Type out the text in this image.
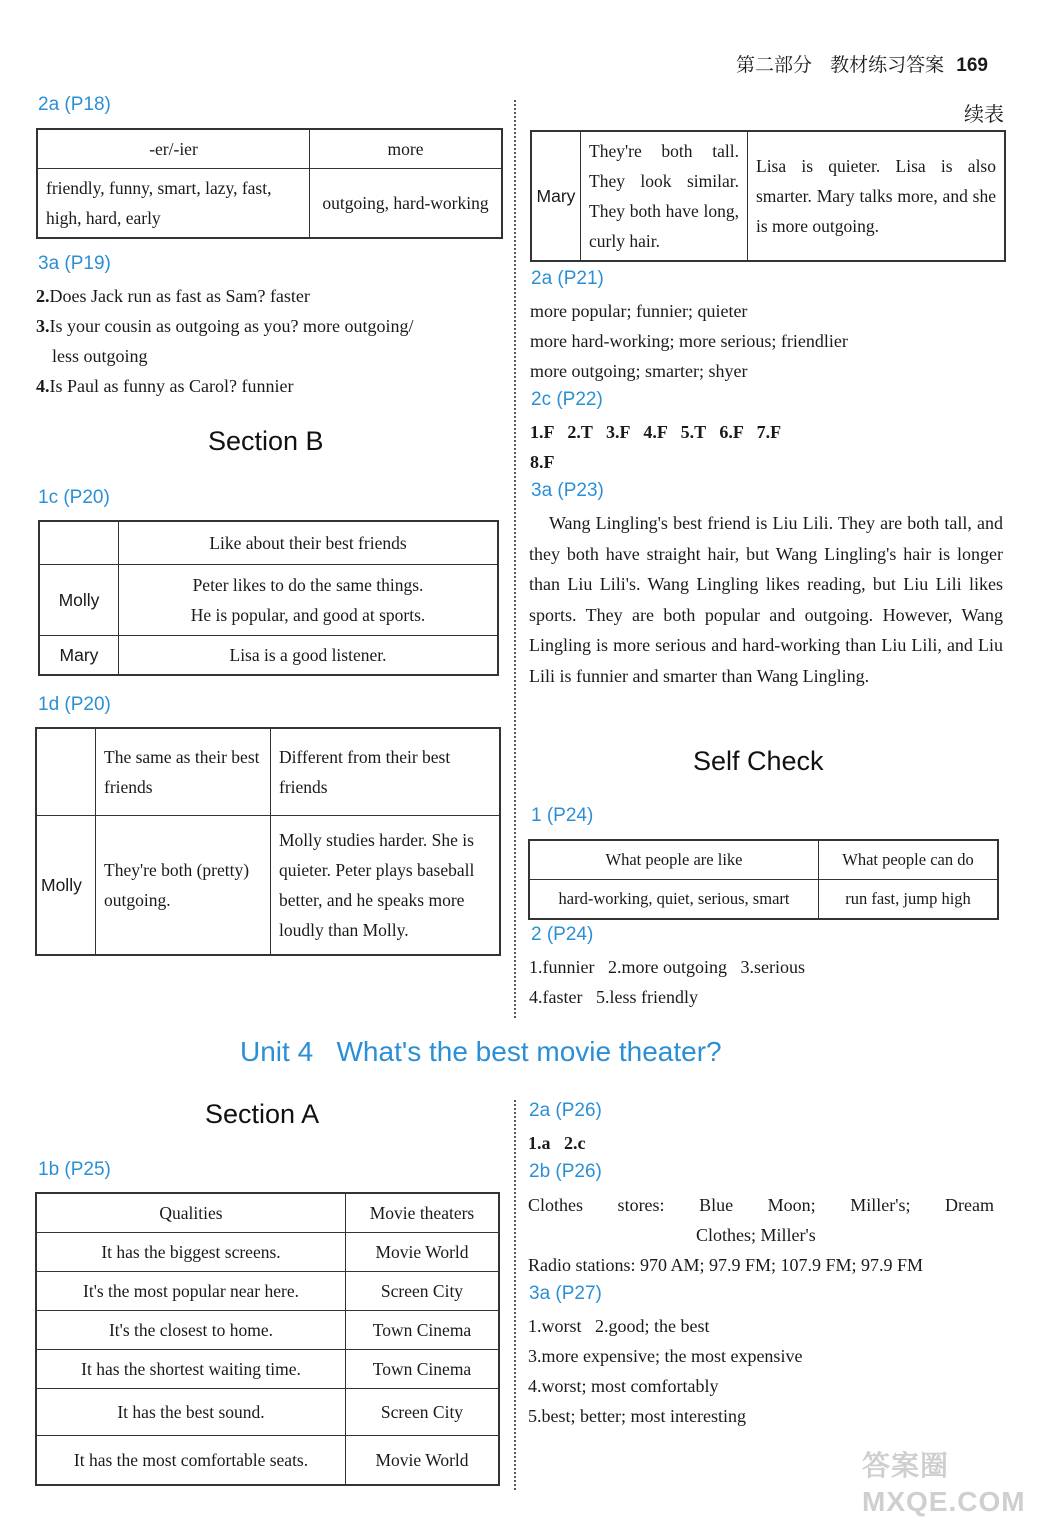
第二部分 教材练习答案 169
2a (P18)
-er/-ier	more
friendly, funny, smart, lazy, fast, high, hard, early	outgoing, hard-working
3a (P19)
2.Does Jack run as fast as Sam? faster
3.Is your cousin as outgoing as you? more outgoing/
less outgoing
4.Is Paul as funny as Carol? funnier
Section B
1c (P20)
	Like about their best friends
Molly	Peter likes to do the same things.
He is popular, and good at sports.

Mary	Lisa is a good listener.
1d (P20)
	The same as their best friends	Different from their best friends
Molly	They're both (pretty) outgoing.	Molly studies harder. She is quieter. Peter plays baseball better, and he speaks more loudly than Molly.
续表
Mary	They're both tall. They look similar. They both have long, curly hair.	Lisa is quieter. Lisa is also smarter. Mary talks more, and she is more outgoing.
2a (P21)
more popular; funnier; quieter
more hard-working; more serious; friendlier
more outgoing; smarter; shyer
2c (P22)
1.F   2.T   3.F   4.F   5.T   6.F   7.F
8.F
3a (P23)
Wang Lingling's best friend is Liu Lili. They are both tall, and they both have straight hair, but Wang Lingling's hair is longer than Liu Lili's. Wang Lingling likes reading, but Liu Lili likes sports. They are both popular and outgoing. However, Wang Lingling is more serious and hard-working than Liu Lili, and Liu Lili is funnier and smarter than Wang Lingling.
Self Check
1 (P24)
What people are like	What people can do
hard-working, quiet, serious, smart	run fast, jump high
2 (P24)
1.funnier   2.more outgoing   3.serious
4.faster   5.less friendly
Unit 4 What's the best movie theater?
Section A
1b (P25)
Qualities	Movie theaters
It has the biggest screens.	Movie World
It's the most popular near here.	Screen City
It's the closest to home.	Town Cinema
It has the shortest waiting time.	Town Cinema
It has the best sound.	Screen City
It has the most comfortable seats.	Movie World
2a (P26)
1.a   2.c
2b (P26)
Clothes stores: Blue Moon; Miller's; Dream
Clothes; Miller's
Radio stations: 970 AM; 97.9 FM; 107.9 FM; 97.9 FM
3a (P27)
1.worst   2.good; the best
3.more expensive; the most expensive
4.worst; most comfortably
5.best; better; most interesting
答案圈 MXQE.COM
